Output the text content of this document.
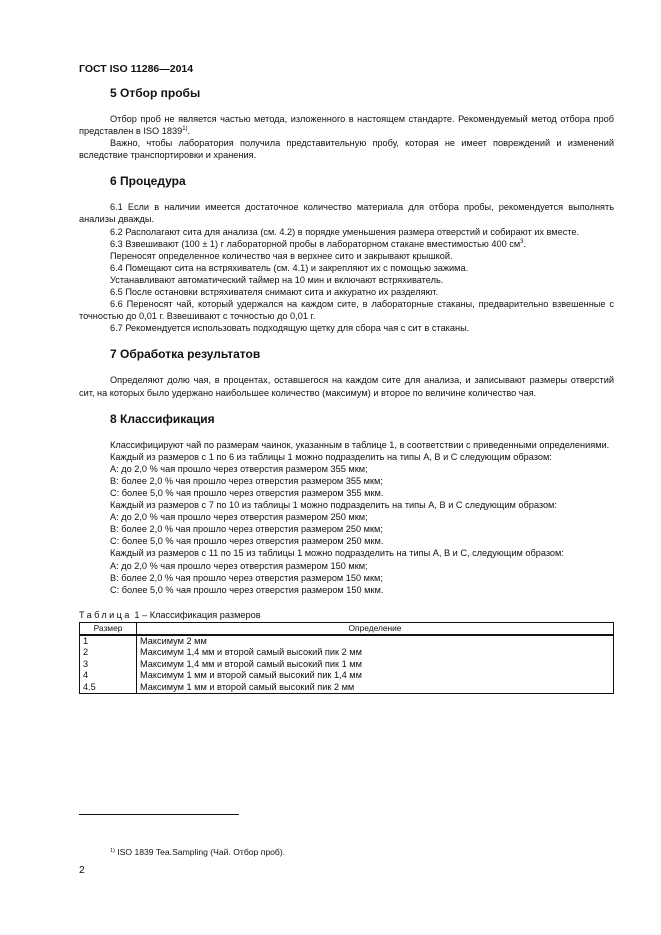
ГОСТ ISO 11286—2014
5 Отбор пробы

Отбор проб не является частью метода, изложенного в настоящем стандарте. Рекомендуемый метод отбора проб представлен в ISO 1839$^{1)}$.

Важно, чтобы лаборатория получила представительную пробу, которая не имеет повреждений и изменений вследствие транспортировки и хранения.

6 Процедура

6.1 Если в наличии имеется достаточное количество материала для отбора пробы, рекомендуется выполнять анализы дважды.

6.2 Располагают сита для анализа (см. 4.2) в порядке уменьшения размера отверстий и собирают их вместе.

6.3 Взвешивают (100 ± 1) г лабораторной пробы в лабораторном стакане вместимостью 400 $см^3$.

Переносят определенное количество чая в верхнее сито и закрывают крышкой.

6.4 Помещают сита на встряхиватель (см. 4.1) и закрепляют их с помощью зажима.

Устанавливают автоматический таймер на 10 мин и включают встряхиватель.

6.5 После остановки встряхивателя снимают сита и аккуратно их разделяют.

6.6 Переносят чай, который удержался на каждом сите, в лабораторные стаканы, предварительно взвешенные с точностью до 0,01 г. Взвешивают с точностью до 0,01 г.

6.7 Рекомендуется использовать подходящую щетку для сбора чая с сит в стаканы.

7 Обработка результатов

Определяют долю чая, в процентах, оставшегося на каждом сите для анализа, и записывают размеры отверстий сит, на которых было удержано наибольшее количество (максимум) и второе по величине количество чая.

8 Классификация

Классифицируют чай по размерам чаинок, указанным в таблице 1, в соответствии с приведенными определениями.

Каждый из размеров с 1 по 6 из таблицы 1 можно подразделить на типы A, B и C следующим образом:

A: до 2,0 % чая прошло через отверстия размером 355 мкм;

B: более 2,0 % чая прошло через отверстия размером 355 мкм;

C: более 5,0 % чая прошло через отверстия размером 355 мкм.

Каждый из размеров с 7 по 10 из таблицы 1 можно подразделить на типы A, B и C следующим образом:

A: до 2,0 % чая прошло через отверстия размером 250 мкм;

B: более 2,0 % чая прошло через отверстия размером 250 мкм;

C: более 5,0 % чая прошло через отверстия размером 250 мкм.

Каждый из размеров с 11 по 15 из таблицы 1 можно подразделить на типы A, B и C, следующим образом:

A: до 2,0 % чая прошло через отверстия размером 150 мкм;

B: более 2,0 % чая прошло через отверстия размером 150 мкм;

C: более 5,0 % чая прошло через отверстия размером 150 мкм.

Таблица 1 – Классификация размеров
Размер	Определение
1	Максимум 2 мм
2	Максимум 1,4 мм и второй самый высокий пик 2 мм
3	Максимум 1,4 мм и второй самый высокий пик 1 мм
4	Максимум 1 мм и второй самый высокий пик 1,4 мм
4.5	Максимум 1 мм и второй самый высокий пик 2 мм
$^{1)}$ ISO 1839 Tea.Sampling (Чай. Отбор проб).
2
